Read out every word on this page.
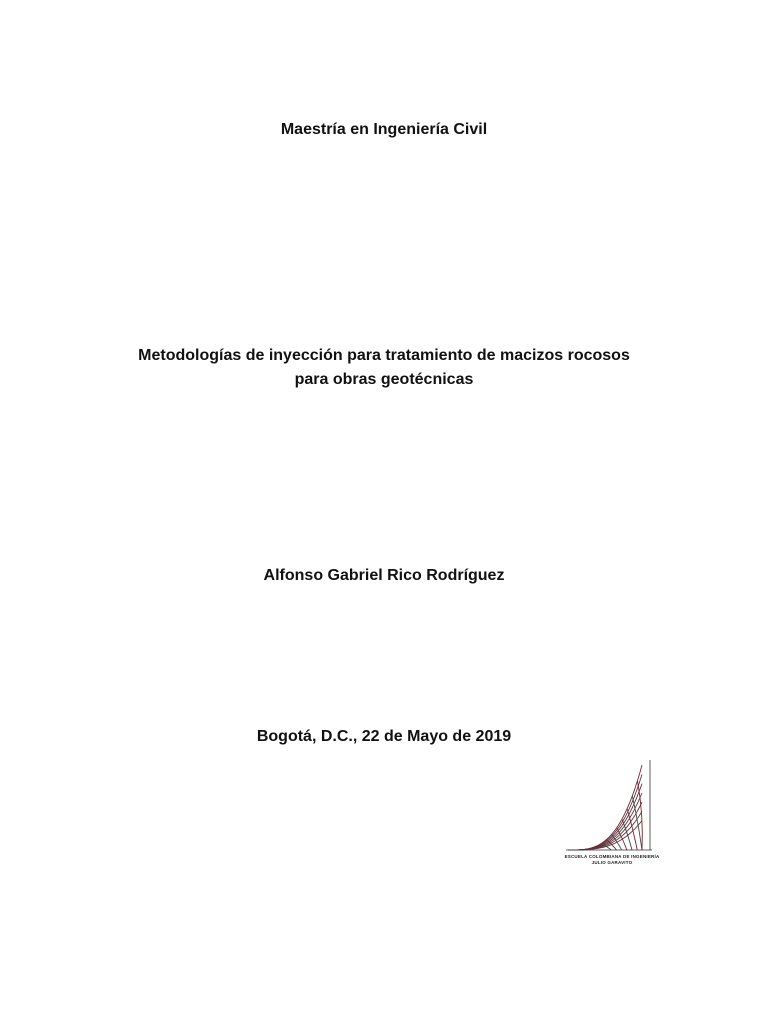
Maestría en Ingeniería Civil

Metodologías de inyección para tratamiento de macizos rocosos

para obras geotécnicas

Alfonso Gabriel Rico Rodríguez

Bogotá, D.C., 22 de Mayo de 2019

ESCUELA COLOMBIANA DE INGENIERÍA
JULIO GARAVITO
